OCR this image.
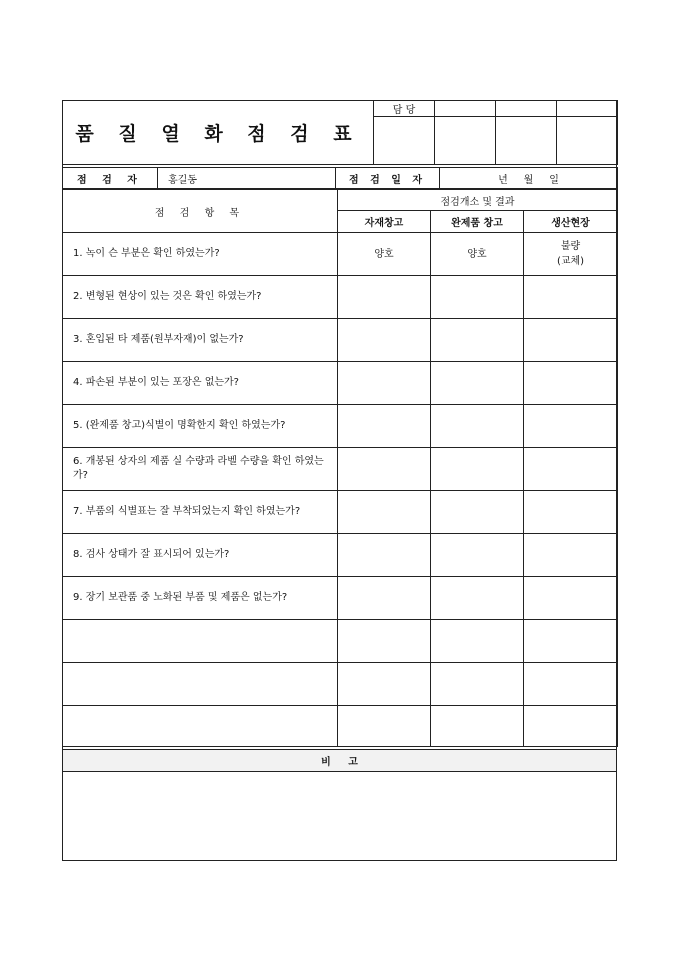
품 질 열 화 점 검 표	담 당			

점 검 자	홍길동	점 검 일 자	년     월     일
점 검 항 목	점검개소 및 결과		
	자재창고	완제품 창고	생산현장
1. 녹이 슨 부분은 확인 하였는가?	양호	양호	불량
(교체)
2. 변형된 현상이 있는 것은 확인 하였는가?			
3. 혼입된 타 제품(원부자재)이 없는가?			
4. 파손된 부분이 있는 포장은 없는가?			
5. (완제품 창고)식별이 명확한지 확인 하였는가?			
6. 개봉된 상자의 제품 실 수량과 라벨 수량을 확인 하였는가?			
7. 부품의 식별표는 잘 부착되었는지 확인 하였는가?			
8. 검사 상태가 잘 표시되어 있는가?			
9. 장기 보관품 중 노화된 부품 및 제품은 없는가?			

비     고
